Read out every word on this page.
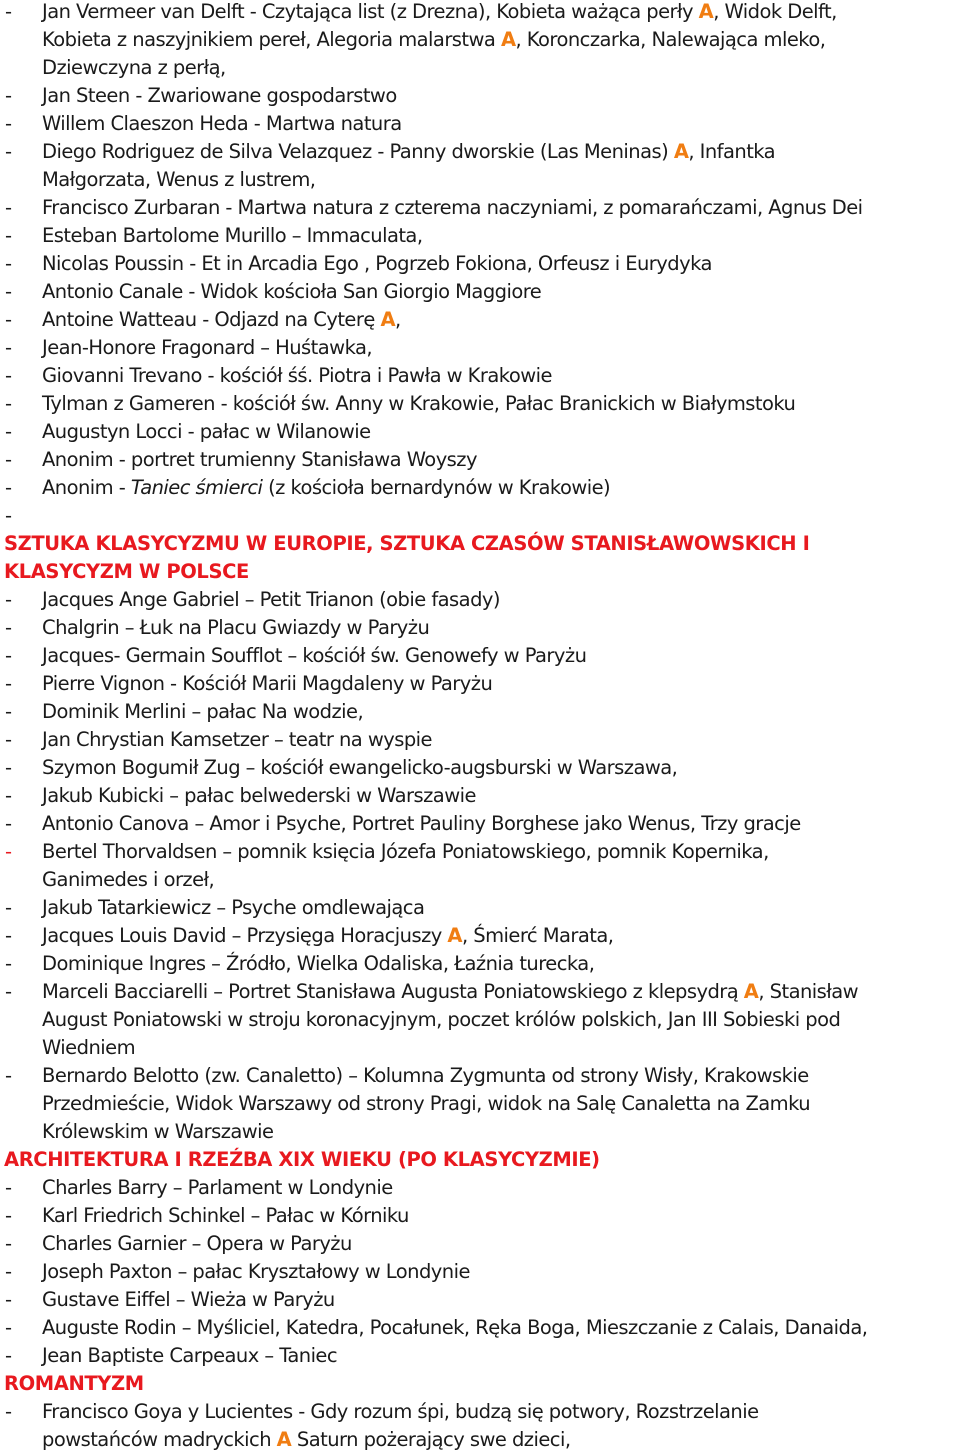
- Jan Vermeer van Delft - Czytająca list (z Drezna), Kobieta ważąca perły A, Widok Delft,
Kobieta z naszyjnikiem pereł, Alegoria malarstwa A, Koronczarka, Nalewająca mleko,
Dziewczyna z perłą,
- Jan Steen - Zwariowane gospodarstwo
- Willem Claeszon Heda - Martwa natura
- Diego Rodriguez de Silva Velazquez - Panny dworskie (Las Meninas) A, Infantka
Małgorzata, Wenus z lustrem,
- Francisco Zurbaran - Martwa natura z czterema naczyniami, z pomarańczami, Agnus Dei
- Esteban Bartolome Murillo – Immaculata,
- Nicolas Poussin - Et in Arcadia Ego , Pogrzeb Fokiona, Orfeusz i Eurydyka
- Antonio Canale - Widok kościoła San Giorgio Maggiore
- Antoine Watteau - Odjazd na Cyterę A,
- Jean-Honore Fragonard – Huśtawka,
- Giovanni Trevano - kościół śś. Piotra i Pawła w Krakowie
- Tylman z Gameren - kościół św. Anny w Krakowie, Pałac Branickich w Białymstoku
- Augustyn Locci - pałac w Wilanowie
- Anonim - portret trumienny Stanisława Woyszy
- Anonim - Taniec śmierci (z kościoła bernardynów w Krakowie)
-
SZTUKA KLASYCYZMU W EUROPIE, SZTUKA CZASÓW STANISŁAWOWSKICH I
KLASYCYZM W POLSCE
- Jacques Ange Gabriel – Petit Trianon (obie fasady)
- Chalgrin – Łuk na Placu Gwiazdy w Paryżu
- Jacques- Germain Soufflot – kościół św. Genowefy w Paryżu
- Pierre Vignon - Kościół Marii Magdaleny w Paryżu
- Dominik Merlini – pałac Na wodzie,
- Jan Chrystian Kamsetzer – teatr na wyspie
- Szymon Bogumił Zug – kościół ewangelicko-augsburski w Warszawa,
- Jakub Kubicki – pałac belwederski w Warszawie
- Antonio Canova – Amor i Psyche, Portret Pauliny Borghese jako Wenus, Trzy gracje
- Bertel Thorvaldsen – pomnik księcia Józefa Poniatowskiego, pomnik Kopernika,
Ganimedes i orzeł,
- Jakub Tatarkiewicz – Psyche omdlewająca
- Jacques Louis David – Przysięga Horacjuszy A, Śmierć Marata,
- Dominique Ingres – Źródło, Wielka Odaliska, Łaźnia turecka,
- Marceli Bacciarelli – Portret Stanisława Augusta Poniatowskiego z klepsydrą A, Stanisław
August Poniatowski w stroju koronacyjnym, poczet królów polskich, Jan III Sobieski pod
Wiedniem
- Bernardo Belotto (zw. Canaletto) – Kolumna Zygmunta od strony Wisły, Krakowskie
Przedmieście, Widok Warszawy od strony Pragi, widok na Salę Canaletta na Zamku
Królewskim w Warszawie
ARCHITEKTURA I RZEŹBA XIX WIEKU (PO KLASYCYZMIE)
- Charles Barry – Parlament w Londynie
- Karl Friedrich Schinkel – Pałac w Kórniku
- Charles Garnier – Opera w Paryżu
- Joseph Paxton – pałac Kryształowy w Londynie
- Gustave Eiffel – Wieża w Paryżu
- Auguste Rodin – Myśliciel, Katedra, Pocałunek, Ręka Boga, Mieszczanie z Calais, Danaida,
- Jean Baptiste Carpeaux – Taniec
ROMANTYZM
- Francisco Goya y Lucientes - Gdy rozum śpi, budzą się potwory, Rozstrzelanie
powstańców madryckich A Saturn pożerający swe dzieci,
